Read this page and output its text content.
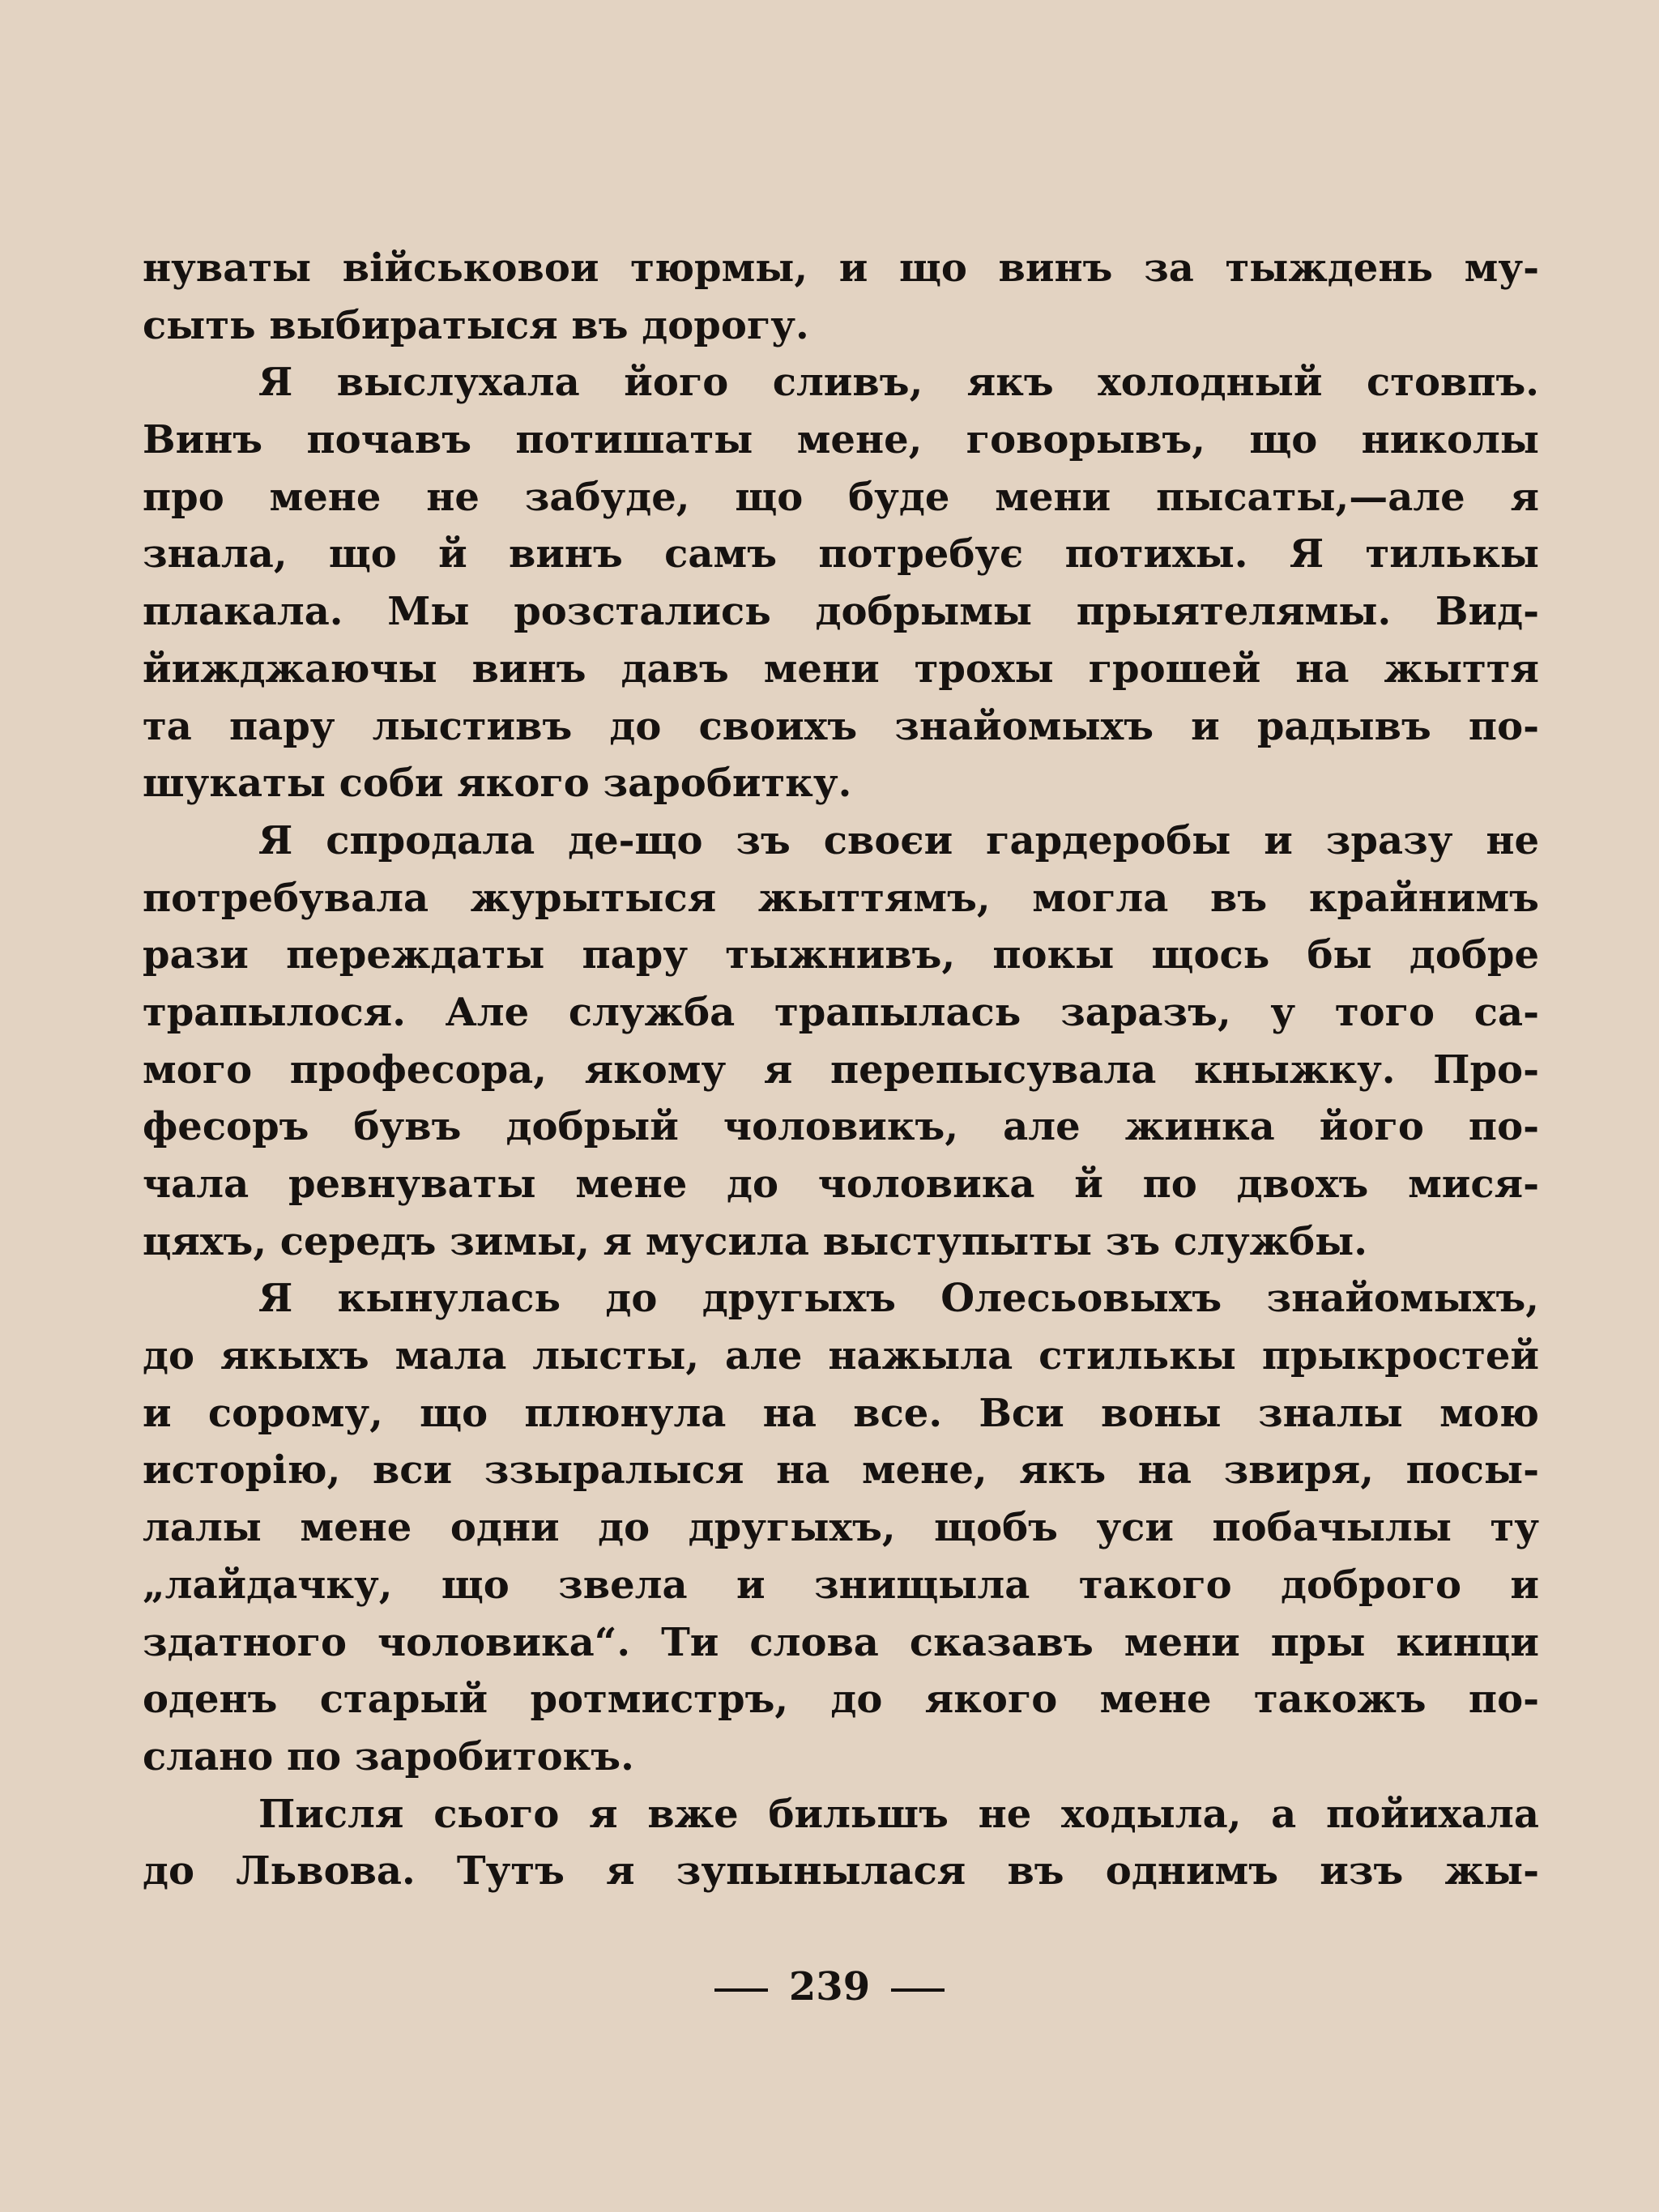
нуваты військовои тюрмы, и що винъ за тыждень му-
сыть выбиратыся въ дорогу.
Я выслухала його сливъ, якъ холодный стовпъ.
Винъ почавъ потишаты мене, говорывъ, що николы
про мене не забуде, що буде мени пысаты,—але я
знала, що й винъ самъ потребує потихы. Я тилькы
плакала. Мы розстались добрымы прыятелямы. Вид-
йижджаючы винъ давъ мени трохы грошей на жыття
та пару лыстивъ до своихъ знайомыхъ и радывъ по-
шукаты соби якого заробитку.
Я спродала де-що зъ своєи гардеробы и зразу не
потребувала журытыся жыттямъ, могла въ крайнимъ
рази переждаты пару тыжнивъ, покы щось бы добре
трапылося. Але служба трапылась заразъ, у того са-
мого професора, якому я перепысувала кныжку. Про-
фесоръ бувъ добрый чоловикъ, але жинка його по-
чала ревнуваты мене до чоловика й по двохъ мися-
цяхъ, середъ зимы, я мусила выступыты зъ службы.
Я кынулась до другыхъ Олесьовыхъ знайомыхъ,
до якыхъ мала лысты, але нажыла стилькы прыкростей
и сорому, що плюнула на все. Вси воны зналы мою
исторію, вси ззыралыся на мене, якъ на звиря, посы-
лалы мене одни до другыхъ, щобъ уси побачылы ту
„лайдачку, що звела и знищыла такого доброго и
здатного чоловика“. Ти слова сказавъ мени пры кинци
оденъ старый ротмистръ, до якого мене такожъ по-
слано по заробитокъ.
Писля сього я вже бильшъ не ходыла, а пойихала
до Львова. Тутъ я зупынылася въ однимъ изъ жы-
239
